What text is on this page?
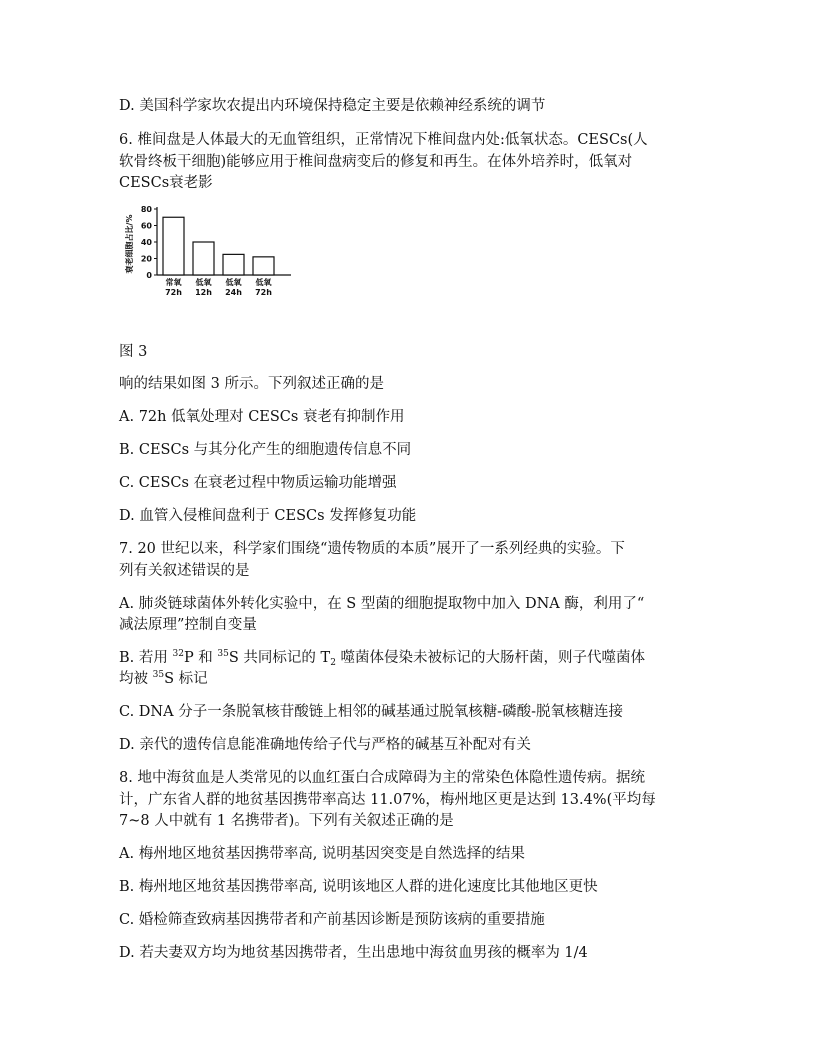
D. 美国科学家坎农提出内环境保持稳定主要是依赖神经系统的调节
6. 椎间盘是人体最大的无血管组织，正常情况下椎间盘内处:低氧状态。CESCs(人
软骨终板干细胞)能够应用于椎间盘病变后的修复和再生。在体外培养时，低氧对
CESCs衰老影
衰老细胞占比/%
0
20
40
60
80
常氧
72h
低氧
12h
低氧
24h
低氧
72h
图 3
响的结果如图 3 所示。下列叙述正确的是
A. 72h 低氧处理对 CESCs 衰老有抑制作用
B. CESCs 与其分化产生的细胞遗传信息不同
C. CESCs 在衰老过程中物质运输功能增强
D. 血管入侵椎间盘利于 CESCs 发挥修复功能
7. 20 世纪以来，科学家们围绕“遗传物质的本质”展开了一系列经典的实验。下
列有关叙述错误的是
A. 肺炎链球菌体外转化实验中，在 S 型菌的细胞提取物中加入 DNA 酶，利用了“
减法原理”控制自变量
B. 若用 $^{32}$P 和 $^{35}$S 共同标记的 $T_2$ 噬菌体侵染未被标记的大肠杆菌，则子代噬菌体
均被 $^{35}$S 标记
C. DNA 分子一条脱氧核苷酸链上相邻的碱基通过脱氧核糖-磷酸-脱氧核糖连接
D. 亲代的遗传信息能准确地传给子代与严格的碱基互补配对有关
8. 地中海贫血是人类常见的以血红蛋白合成障碍为主的常染色体隐性遗传病。据统
计，广东省人群的地贫基因携带率高达 11.07%，梅州地区更是达到 13.4%(平均每
7~8 人中就有 1 名携带者)。下列有关叙述正确的是
A. 梅州地区地贫基因携带率高, 说明基因突变是自然选择的结果
B. 梅州地区地贫基因携带率高, 说明该地区人群的进化速度比其他地区更快
C. 婚检筛查致病基因携带者和产前基因诊断是预防该病的重要措施
D. 若夫妻双方均为地贫基因携带者，生出患地中海贫血男孩的概率为 1/4
